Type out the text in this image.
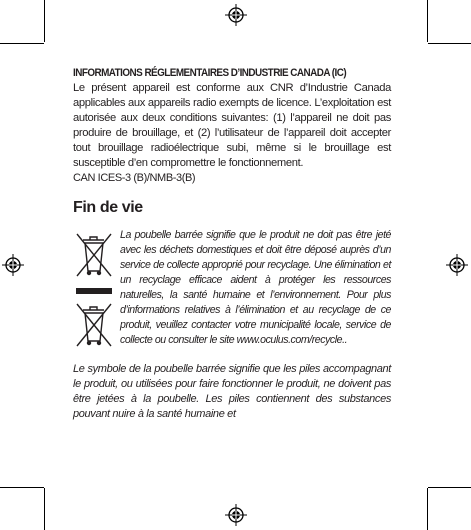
INFORMATIONS RÉGLEMENTAIRES D’INDUSTRIE CANADA (IC)

Le présent appareil est conforme aux CNR d’Industrie Canada applicables aux appareils radio exempts de licence. L’exploitation est autorisée aux deux conditions suivantes: (1) l’appareil ne doit pas produire de brouillage, et (2) l’utilisateur de l’appareil doit accepter tout brouillage radioélectrique subi, même si le brouillage est susceptible d’en compromettre le fonctionnement.

CAN ICES-3 (B)/NMB-3(B)

Fin de vie

La poubelle barrée signifie que le produit ne doit pas être jeté avec les déchets domestiques et doit être déposé auprès d’un service de collecte approprié pour recyclage. Une élimination et un recyclage efficace aident à protéger les ressources naturelles, la santé humaine et l’environnement. Pour plus d’informations relatives à l’élimination et au recyclage de ce produit, veuillez contacter votre municipalité locale, service de collecte ou consulter le site www.oculus.com/recycle..

Le symbole de la poubelle barrée signifie que les piles accompagnant le produit, ou utilisées pour faire fonctionner le produit, ne doivent pas être jetées à la poubelle. Les piles contiennent des substances pouvant nuire à la santé humaine et
